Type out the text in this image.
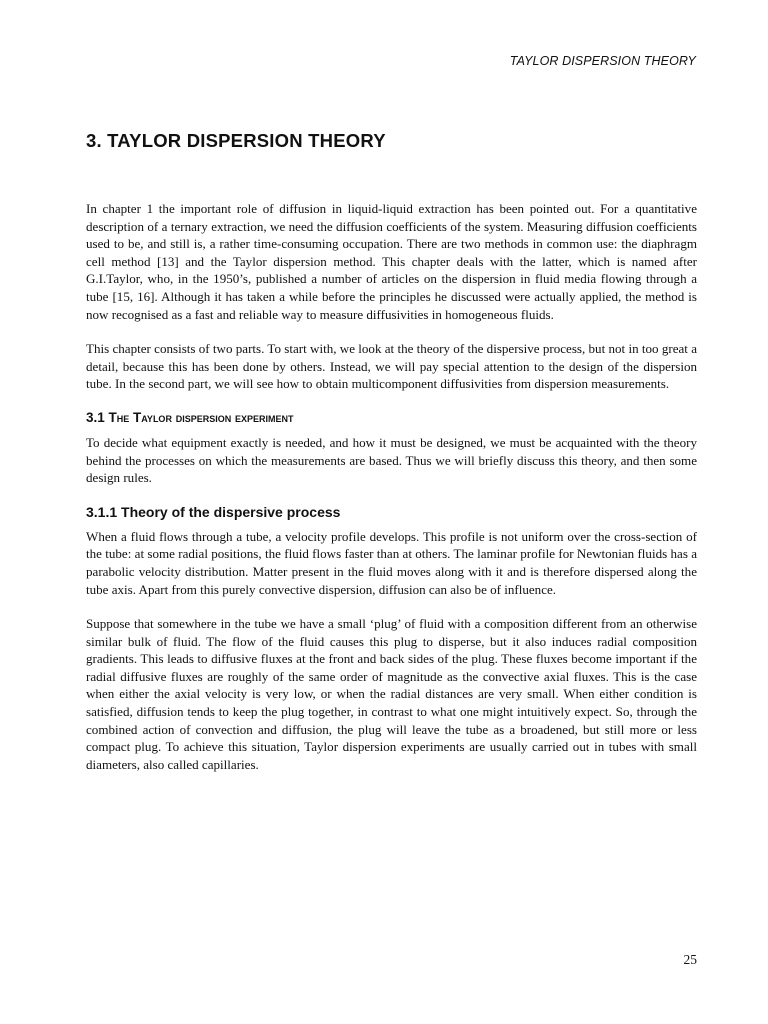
TAYLOR DISPERSION THEORY
3. TAYLOR DISPERSION THEORY

In chapter 1 the important role of diffusion in liquid-liquid extraction has been pointed out. For a quantitative description of a ternary extraction, we need the diffusion coefficients of the system. Measuring diffusion coefficients used to be, and still is, a rather time-consuming occupation. There are two methods in common use: the diaphragm cell method [13] and the Taylor dispersion method. This chapter deals with the latter, which is named after G.I.Taylor, who, in the 1950’s, published a number of articles on the dispersion in fluid media flowing through a tube [15, 16]. Although it has taken a while before the principles he discussed were actually applied, the method is now recognised as a fast and reliable way to measure diffusivities in homogeneous fluids.

This chapter consists of two parts. To start with, we look at the theory of the dispersive process, but not in too great a detail, because this has been done by others. Instead, we will pay special attention to the design of the dispersion tube. In the second part, we will see how to obtain multicomponent diffusivities from dispersion measurements.

3.1 The Taylor dispersion experiment

To decide what equipment exactly is needed, and how it must be designed, we must be acquainted with the theory behind the processes on which the measurements are based. Thus we will briefly discuss this theory, and then some design rules.

3.1.1 Theory of the dispersive process

When a fluid flows through a tube, a velocity profile develops. This profile is not uniform over the cross-section of the tube: at some radial positions, the fluid flows faster than at others. The laminar profile for Newtonian fluids has a parabolic velocity distribution. Matter present in the fluid moves along with it and is therefore dispersed along the tube axis. Apart from this purely convective dispersion, diffusion can also be of influence.

Suppose that somewhere in the tube we have a small ‘plug’ of fluid with a composition different from an otherwise similar bulk of fluid. The flow of the fluid causes this plug to disperse, but it also induces radial composition gradients. This leads to diffusive fluxes at the front and back sides of the plug. These fluxes become important if the radial diffusive fluxes are roughly of the same order of magnitude as the convective axial fluxes. This is the case when either the axial velocity is very low, or when the radial distances are very small. When either condition is satisfied, diffusion tends to keep the plug together, in contrast to what one might intuitively expect. So, through the combined action of convection and diffusion, the plug will leave the tube as a broadened, but still more or less compact plug. To achieve this situation, Taylor dispersion experiments are usually carried out in tubes with small diameters, also called capillaries.

25
